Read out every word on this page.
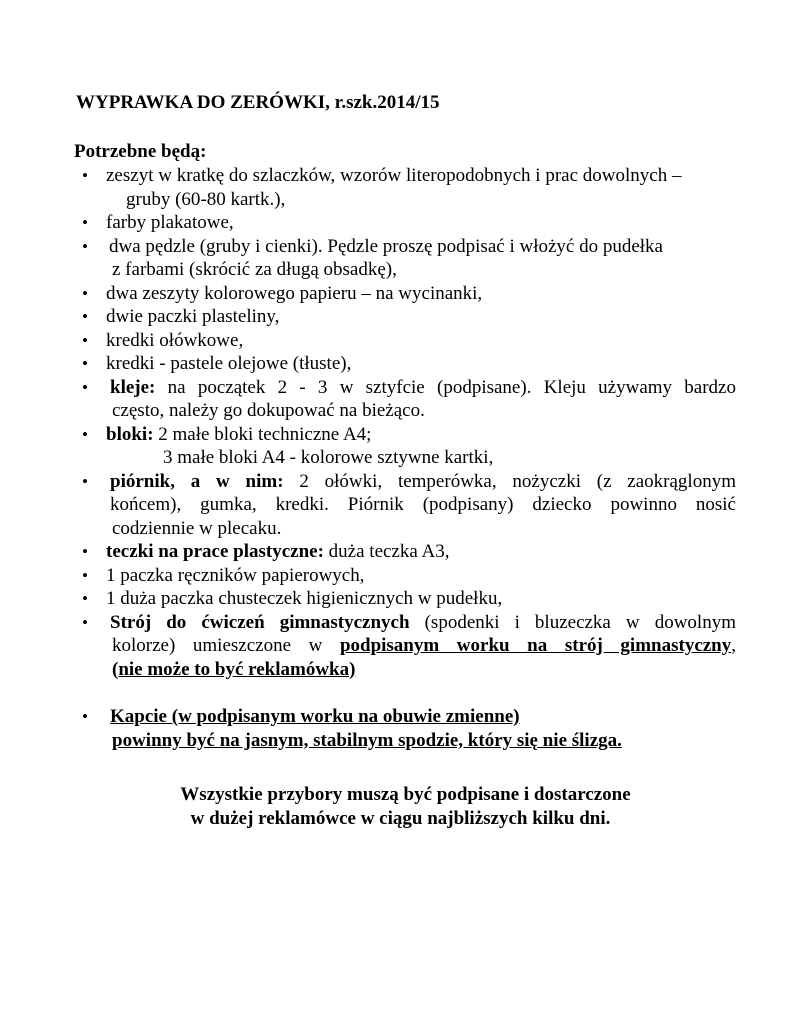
WYPRAWKA DO ZERÓWKI, r.szk.2014/15
Potrzebne będą:
• zeszyt w kratkę do szlaczków, wzorów literopodobnych i prac dowolnych –
gruby (60-80 kartk.),
• farby plakatowe,
• dwa pędzle (gruby i cienki). Pędzle proszę podpisać i włożyć do pudełka
z farbami (skrócić za długą obsadkę),
• dwa zeszyty kolorowego papieru – na wycinanki,
• dwie paczki plasteliny,
• kredki ołówkowe,
• kredki - pastele olejowe (tłuste),
• kleje: na początek 2 - 3 w sztyfcie (podpisane). Kleju używamy bardzo
często, należy go dokupować na bieżąco.
• bloki: 2 małe bloki techniczne A4;
3 małe bloki A4 - kolorowe sztywne kartki,
• piórnik, a w nim: 2 ołówki, temperówka, nożyczki (z zaokrąglonym
końcem), gumka, kredki. Piórnik (podpisany) dziecko powinno nosić
codziennie w plecaku.
• teczki na prace plastyczne: duża teczka A3,
• 1 paczka ręczników papierowych,
• 1 duża paczka chusteczek higienicznych w pudełku,
• Strój do ćwiczeń gimnastycznych (spodenki i bluzeczka w dowolnym
kolorze) umieszczone w podpisanym worku na strój gimnastyczny,
(nie może to być reklamówka)
• Kapcie (w podpisanym worku na obuwie zmienne)
powinny być na jasnym, stabilnym spodzie, który się nie ślizga.
Wszystkie przybory muszą być podpisane i dostarczone
w dużej reklamówce w ciągu najbliższych kilku dni.
